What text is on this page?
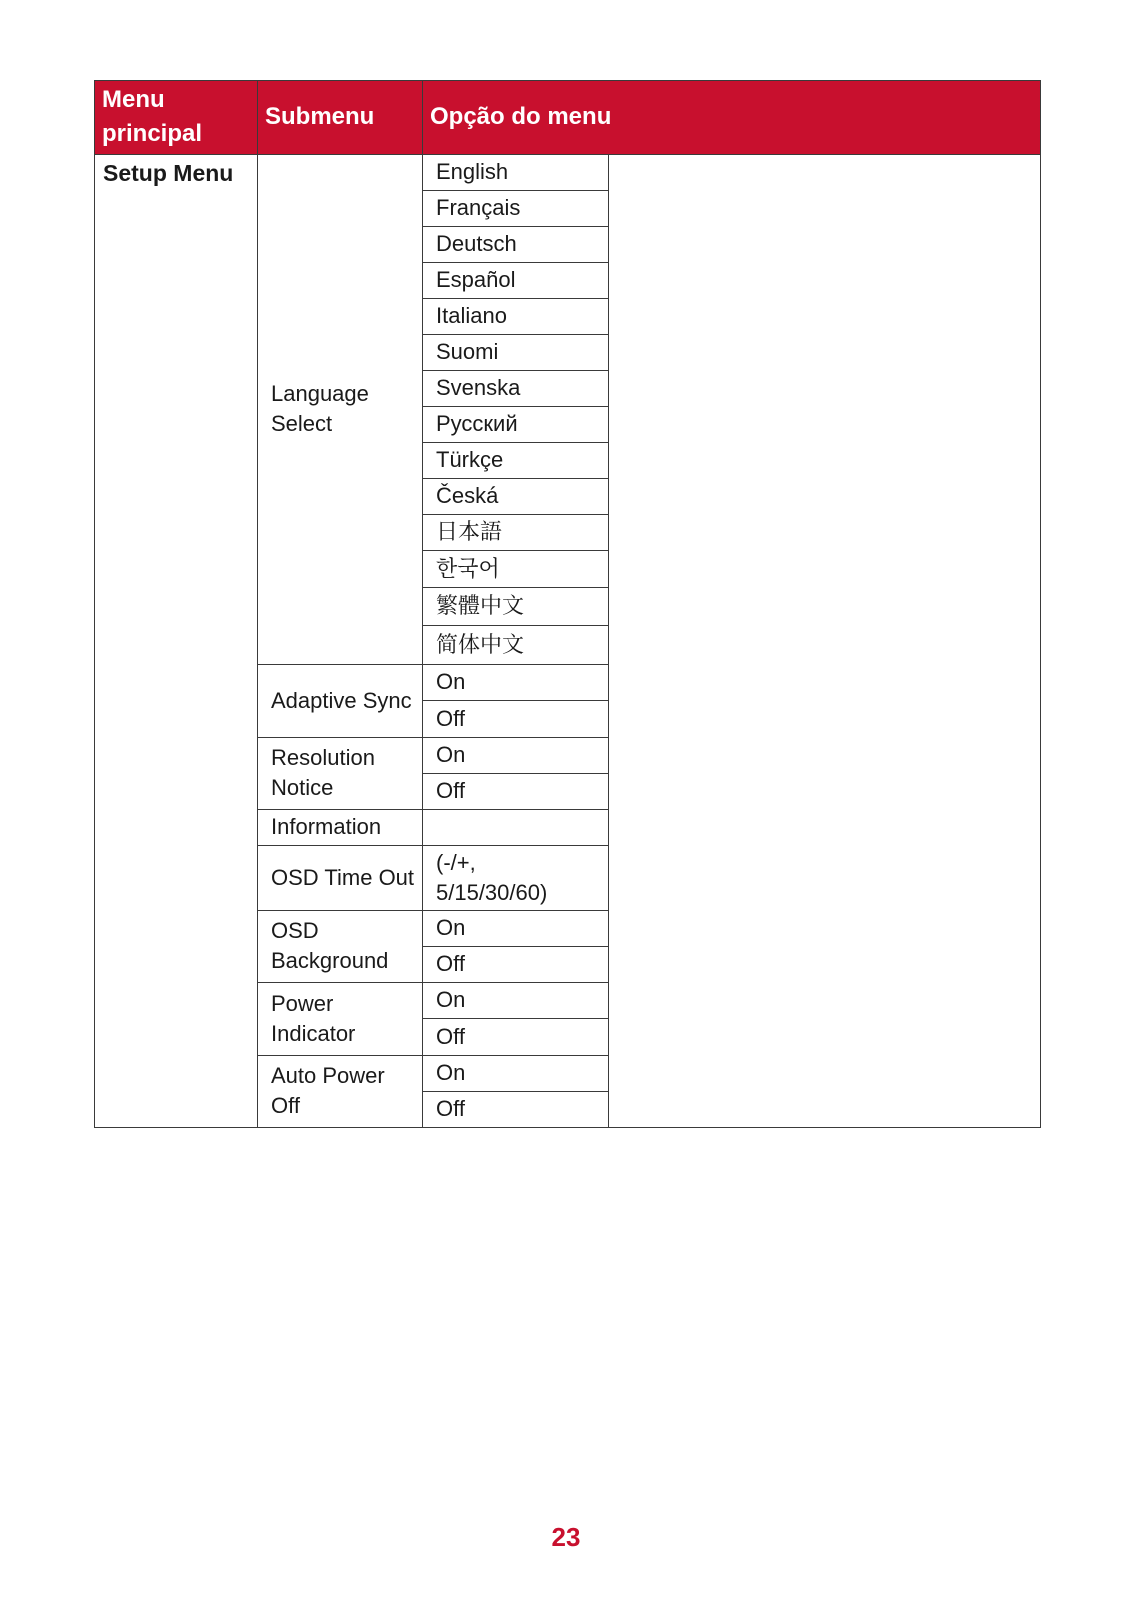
Menu
principal
Submenu Opção do menu
Setup Menu
Language
Select
English
Français
Deutsch
Español
Italiano
Suomi
Svenska
Русский
Türkçe
Česká
日本語
한국어
繁體中文
简体中文
Adaptive Sync
On
Off
Resolution
Notice
On
Off
Information
OSD Time Out
(-/+,
5/15/30/60)
OSD
Background
On
Off
Power
Indicator
On
Off
Auto Power
Off
On
Off
23
